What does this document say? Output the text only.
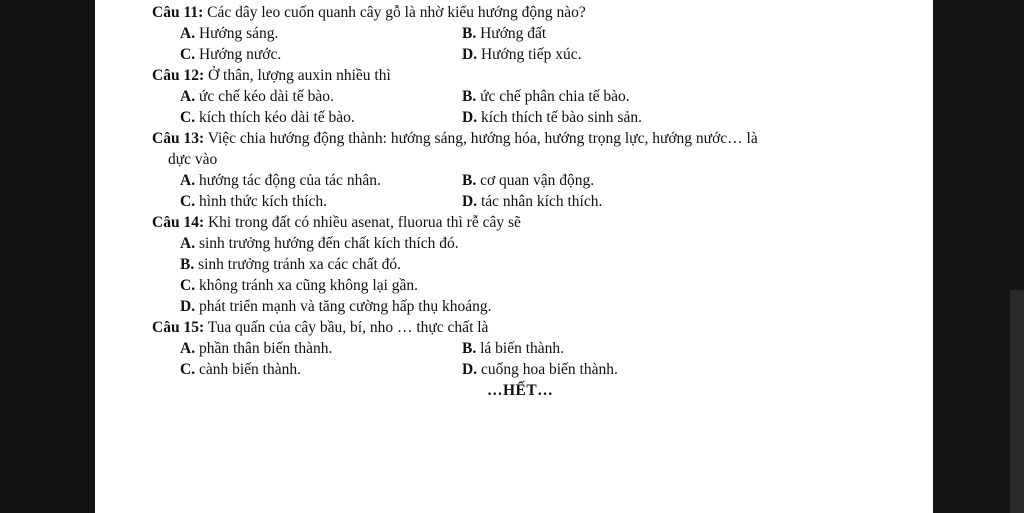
Câu 11: Các dây leo cuốn quanh cây gỗ là nhờ kiểu hướng động nào?
A. Hướng sáng.	B. Hướng đất
C. Hướng nước.	D. Hướng tiếp xúc.
Câu 12: Ở thân, lượng auxin nhiều thì
A. ức chế kéo dài tế bào.	B. ức chế phân chia tế bào.
C. kích thích kéo dài tế bào.	D. kích thích tế bào sinh sản.
Câu 13: Việc chia hướng động thành: hướng sáng, hướng hóa, hướng trọng lực, hướng nước… là
dực vào
A. hướng tác động của tác nhân.	B. cơ quan vận động.
C. hình thức kích thích.	D. tác nhân kích thích.
Câu 14: Khi trong đất có nhiều asenat, fluorua thì rễ cây sẽ
A. sinh trưởng hướng đến chất kích thích đó.
B. sinh trưởng tránh xa các chất đó.
C. không tránh xa cũng không lại gần.
D. phát triển mạnh và tăng cường hấp thụ khoáng.
Câu 15: Tua quấn của cây bầu, bí, nho … thực chất là
A. phần thân biến thành.	B. lá biến thành.
C. cành biến thành.	D. cuống hoa biến thành.
…HẾT…
